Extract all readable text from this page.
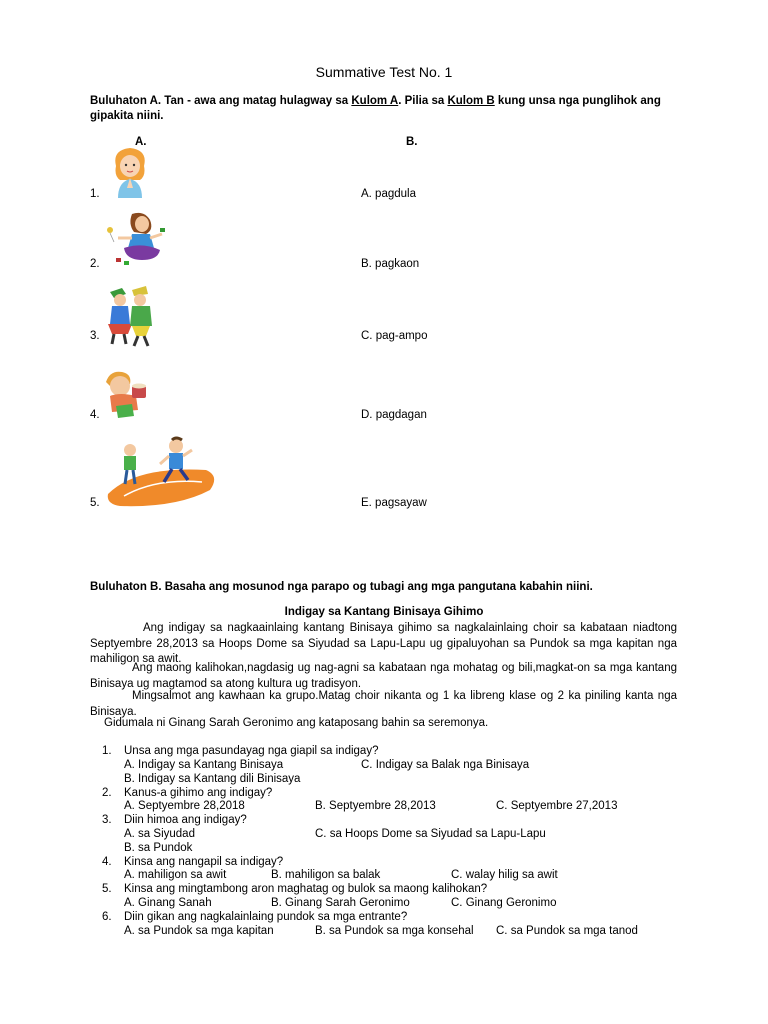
Summative Test No. 1
Buluhaton A. Tan - awa ang matag hulagway sa Kulom A. Pilia sa Kulom B kung unsa nga punglihok ang gipakita niini.
A.	B.
1.	A. pagdula
2.	B. pagkaon
3.	C. pag-ampo
4.	D. pagdagan
5.	E. pagsayaw
Buluhaton B. Basaha ang mosunod nga parapo og tubagi ang mga pangutana kabahin niini.
Indigay sa Kantang Binisaya Gihimo
Ang indigay sa nagkaainlaing kantang Binisaya gihimo sa nagkalainlaing choir sa kabataan niadtong Septyembre 28,2013 sa Hoops Dome sa Siyudad sa Lapu-Lapu ug gipaluyohan sa Pundok sa mga kapitan nga mahiligon sa awit.
Ang maong kalihokan,nagdasig ug nag-agni sa kabataan nga mohatag og bili,magkat-on sa mga kantang Binisaya ug magtamod sa atong kultura ug tradisyon.
Mingsalmot ang kawhaan ka grupo.Matag choir nikanta og 1 ka libreng klase og 2 ka piniling kanta nga Binisaya.
Gidumala ni Ginang Sarah Geronimo ang kataposang bahin sa seremonya.
1. Unsa ang mga pasundayag nga giapil sa indigay?
A. Indigay sa Kantang Binisaya	C. Indigay sa Balak nga Binisaya
B. Indigay sa Kantang dili Binisaya
2. Kanus-a gihimo ang indigay?
A. Septyembre 28,2018	B. Septyembre 28,2013	C. Septyembre 27,2013
3. Diin himoa ang indigay?
A. sa Siyudad	C. sa Hoops Dome sa Siyudad sa Lapu-Lapu
B. sa Pundok
4. Kinsa ang nangapil sa indigay?
A. mahiligon sa awit	B. mahiligon sa balak	C. walay hilig sa awit
5. Kinsa ang mingtambong aron maghatag og bulok sa maong kalihokan?
A. Ginang Sanah	B. Ginang Sarah Geronimo	C. Ginang Geronimo
6. Diin gikan ang nagkalainlaing pundok sa mga entrante?
A. sa Pundok sa mga kapitan	B. sa Pundok sa mga konsehal C. sa Pundok sa mga tanod
